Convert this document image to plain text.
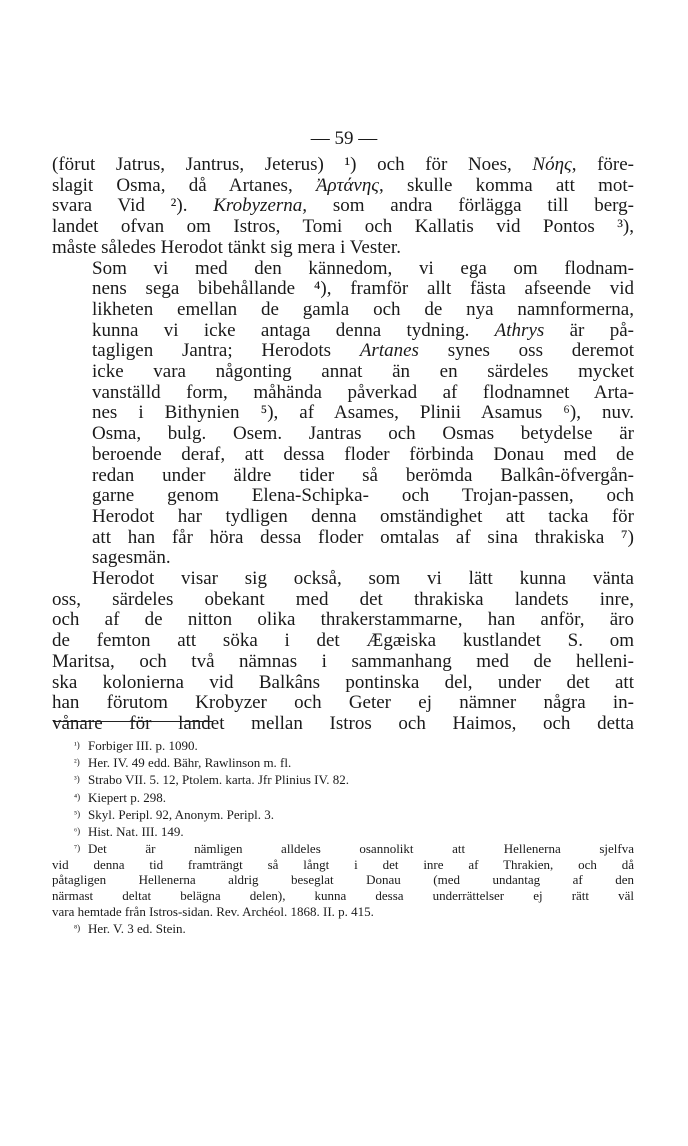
— 59 —

(förut Jatrus, Jantrus, Jeterus) ¹) och för Noes, Νόης, före-
slagit Osma, då Artanes, Ἀρτάνης, skulle komma att mot-
svara Vid ²). Krobyzerna, som andra förlägga till berg-
landet ofvan om Istros, Tomi och Kallatis vid Pontos ³),
måste således Herodot tänkt sig mera i Vester.

Som vi med den kännedom, vi ega om flodnam-
nens sega bibehållande ⁴), framför allt fästa afseende vid
likheten emellan de gamla och de nya namnformerna,
kunna vi icke antaga denna tydning. Athrys är på-
tagligen Jantra; Herodots Artanes synes oss deremot
icke vara någonting annat än en särdeles mycket
vanställd form, måhända påverkad af flodnamnet Arta-
nes i Bithynien ⁵), af Asames, Plinii Asamus ⁶), nuv.
Osma, bulg. Osem. Jantras och Osmas betydelse är
beroende deraf, att dessa floder förbinda Donau med de
redan under äldre tider så berömda Balkân-öfvergån-
garne genom Elena-Schipka- och Trojan-passen, och
Herodot har tydligen denna omständighet att tacka för
att han får höra dessa floder omtalas af sina thrakiska ⁷)
sagesmän.

Herodot visar sig också, som vi lätt kunna vänta
oss, särdeles obekant med det thrakiska landets inre,
och af de nitton olika thrakerstammarne, han anför, äro
de femton att söka i det Ægæiska kustlandet S. om
Maritsa, och två nämnas i sammanhang med de helleni-
ska kolonierna vid Balkâns pontinska del, under det att
han förutom Krobyzer och Geter ej nämner några in-
vånare för landet mellan Istros och Haimos, och detta

¹) Forbiger III. p. 1090.
²) Her. IV. 49 edd. Bähr, Rawlinson m. fl.
³) Strabo VII. 5. 12, Ptolem. karta. Jfr Plinius IV. 82.
⁴) Kiepert p. 298.
⁵) Skyl. Peripl. 92, Anonym. Peripl. 3.
⁶) Hist. Nat. III. 149.
⁷) Det är nämligen alldeles osannolikt att Hellenerna sjelfva
vid denna tid framträngt så långt i det inre af Thrakien, och då
påtagligen Hellenerna aldrig beseglat Donau (med undantag af den
närmast deltat belägna delen), kunna dessa underrättelser ej rätt väl
vara hemtade från Istros-sidan. Rev. Archéol. 1868. II. p. 415.
⁸) Her. V. 3 ed. Stein.
